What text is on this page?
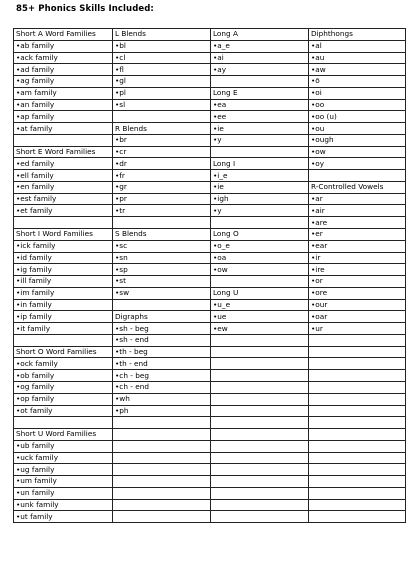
85+ Phonics Skills Included:
Short A Word Families	L Blends	Long A	Diphthongs
•ab family	•bl	•a_e	•al
•ack family	•cl	•ai	•au
•ad family	•fl	•ay	•aw
•ag family	•gl		•ō
•am family	•pl	Long E	•oi
•an family	•sl	•ea	•oo
•ap family		•ee	•oo (u)
•at family	R Blends	•ie	•ou
	•br	•y	•ough
Short E Word Families	•cr		•ow
•ed family	•dr	Long I	•oy
•ell family	•fr	•i_e	
•en family	•gr	•ie	R-Controlled Vowels
•est family	•pr	•igh	•ar
•et family	•tr	•y	•air
			•are
Short I Word Families	S Blends	Long O	•er
•ick family	•sc	•o_e	•ear
•id family	•sn	•oa	•ir
•ig family	•sp	•ow	•ire
•ill family	•st		•or
•im family	•sw	Long U	•ore
•in family		•u_e	•our
•ip family	Digraphs	•ue	•oar
•it family	•sh - beg	•ew	•ur
	•sh - end		
Short O Word Families	•th - beg		
•ock family	•th - end		
•ob family	•ch - beg		
•og family	•ch - end		
•op family	•wh		
•ot family	•ph		

Short U Word Families			
•ub family			
•uck family			
•ug family			
•um family			
•un family			
•unk family			
•ut family			
